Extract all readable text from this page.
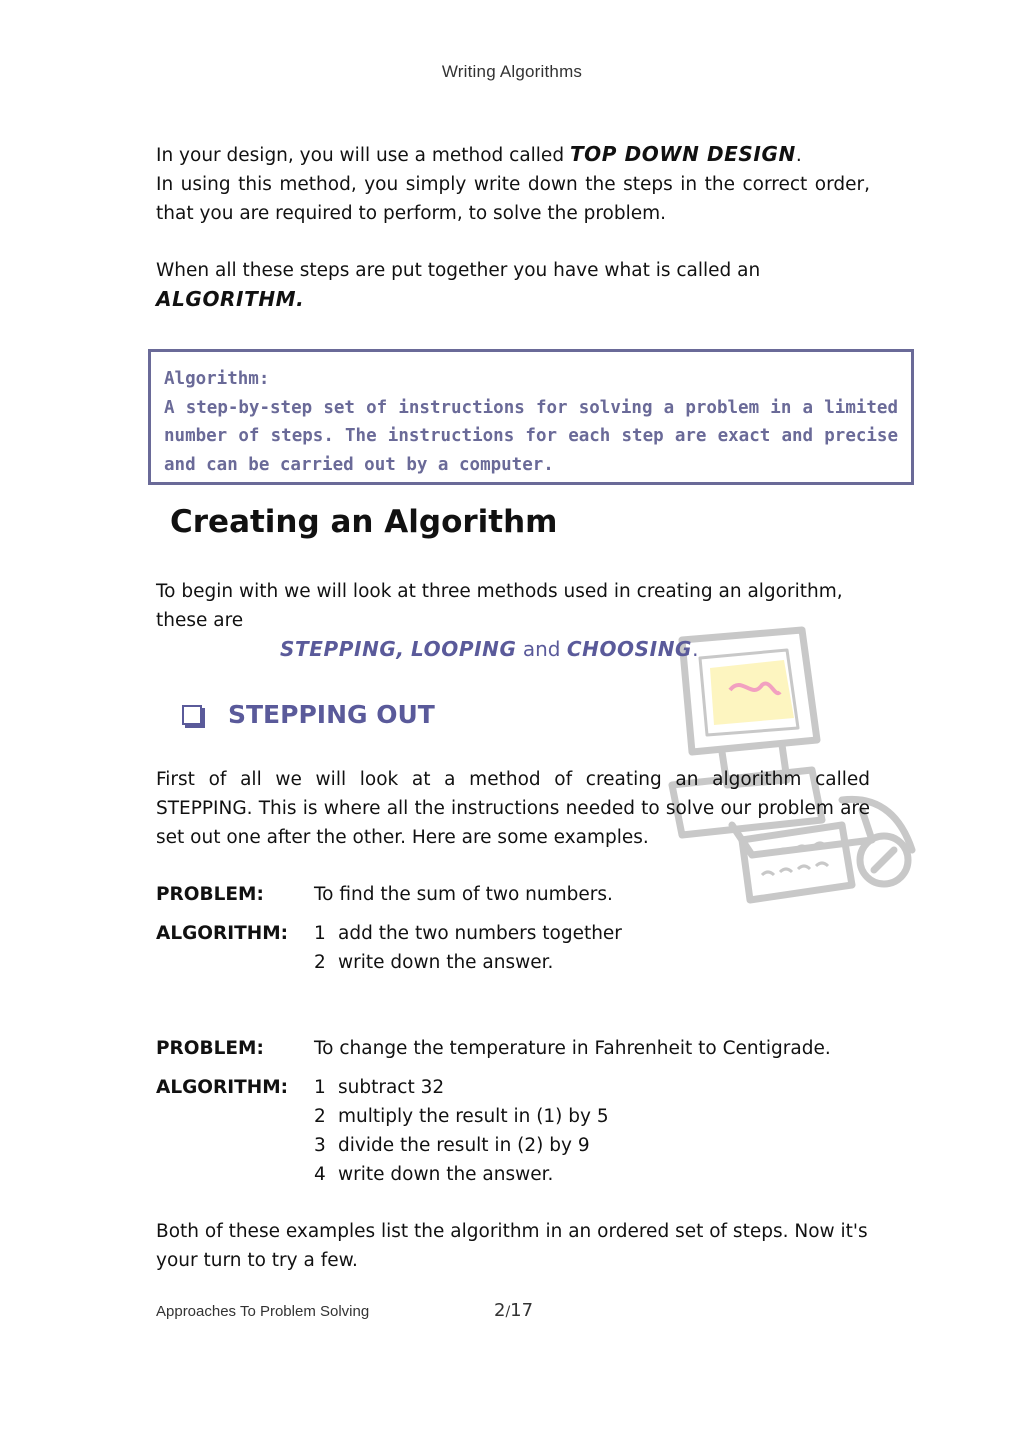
Writing Algorithms
In your design, you will use a method called TOP DOWN DESIGN.
In using this method, you simply write down the steps in the correct order, that you are required to perform, to solve the problem.
When all these steps are put together you have what is called an
ALGORITHM.
Algorithm:
A step-by-step set of instructions for solving a problem in a limited number of steps. The instructions for each step are exact and precise and can be carried out by a computer.
Creating an Algorithm
To begin with we will look at three methods used in creating an algorithm, these are
STEPPING, LOOPING and CHOOSING.
STEPPING OUT
First of all we will look at a method of creating an algorithm called STEPPING. This is where all the instructions needed to solve our problem are set out one after the other. Here are some examples.
PROBLEM:	To find the sum of two numbers.
ALGORITHM: 1 add the two numbers together
2 write down the answer.
PROBLEM:	To change the temperature in Fahrenheit to Centigrade.
ALGORITHM: 1 subtract 32
2 multiply the result in (1) by 5
3 divide the result in (2) by 9
4 write down the answer.
Both of these examples list the algorithm in an ordered set of steps. Now it's your turn to try a few.
Approaches To Problem Solving	2/17
